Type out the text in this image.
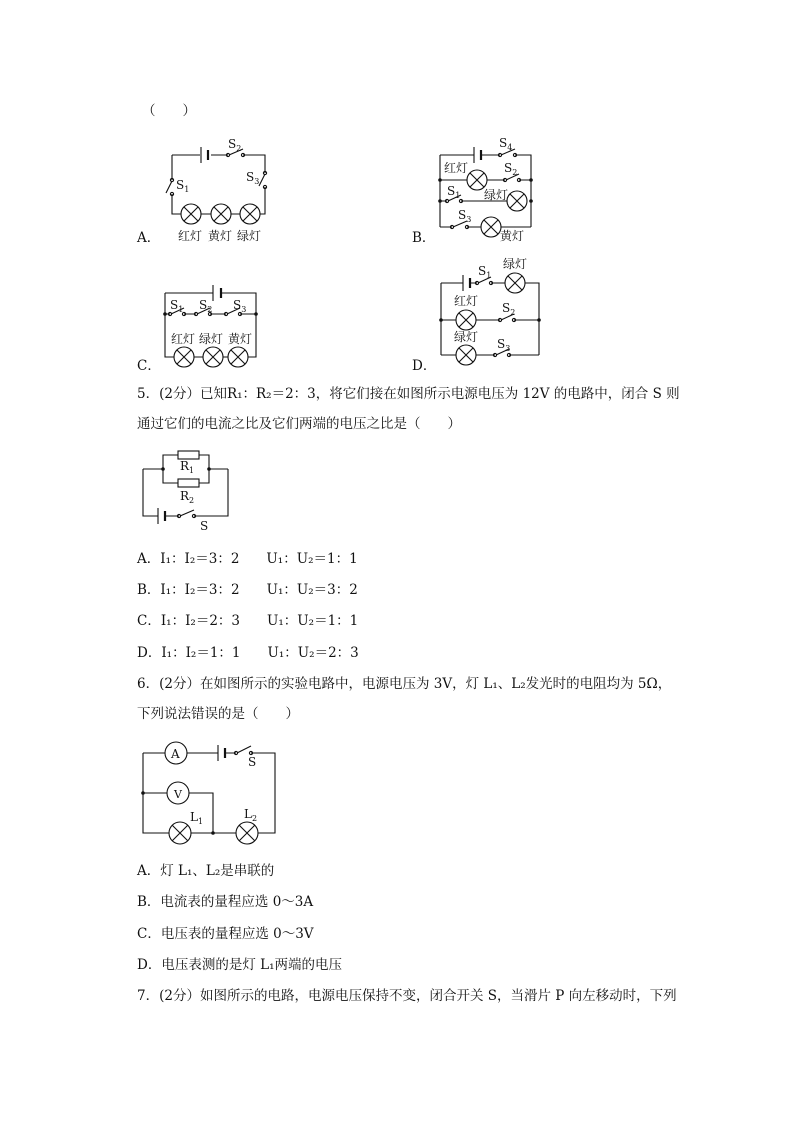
（　　）
A．
$S_2$
$S_1$
$S_3$
红灯 黄灯 绿灯	B．
$S_4$
$S_2$
$S_1$
$S_3$
红灯
绿灯
黄灯
C．
$S_1$ $S_2$ $S_3$
红灯 绿灯 黄灯
D．
$S_1$
$S_2$
$S_3$
绿灯
红灯
绿灯
5．(2分）已知R₁：R₂＝2：3，将它们接在如图所示电源电压为 12V 的电路中，闭合 S 则
通过它们的电流之比及它们两端的电压之比是（　　）
$R_1$
$R_2$
S
A．I₁：I₂＝3：2　　U₁：U₂＝1：1
B．I₁：I₂＝3：2　　U₁：U₂＝3：2
C．I₁：I₂＝2：3　　U₁：U₂＝1：1
D．I₁：I₂＝1：1　　U₁：U₂＝2：3
6．(2分）在如图所示的实验电路中，电源电压为 3V，灯 L₁、L₂发光时的电阻均为 5Ω，
下列说法错误的是（　　）
A
V
S
$L_1$
$L_2$
A．灯 L₁、L₂是串联的
B．电流表的量程应选 0～3A
C．电压表的量程应选 0～3V
D．电压表测的是灯 L₁两端的电压
7．(2分）如图所示的电路，电源电压保持不变，闭合开关 S，当滑片 P 向左移动时，下列
